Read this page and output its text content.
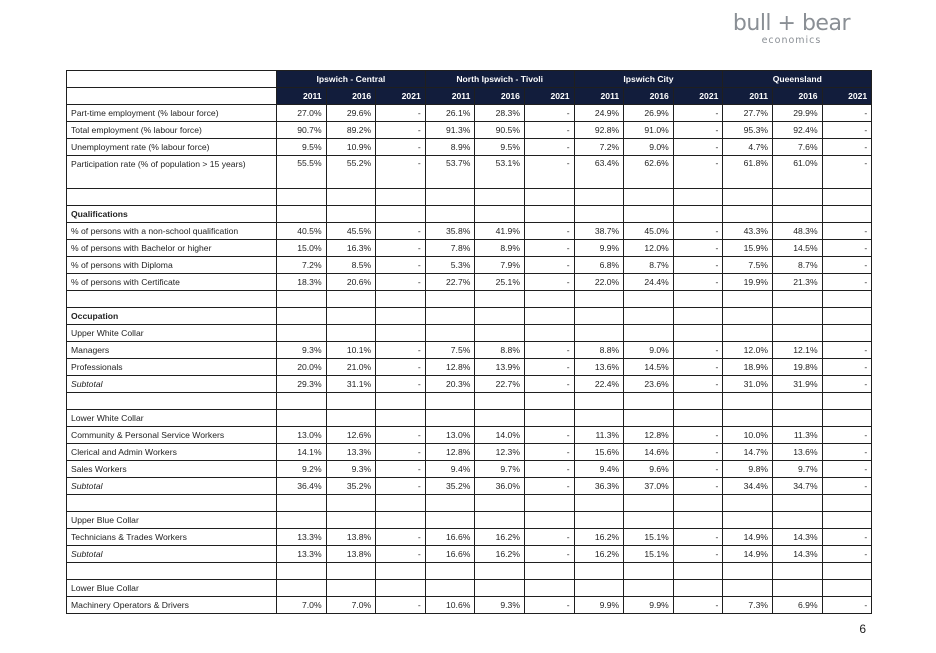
bull + bear
economics
	Ipswich - Central			North Ipswich - Tivoli			Ipswich City			Queensland		
	2011	2016	2021	2011	2016	2021	2011	2016	2021	2011	2016	2021
Part-time employment (% labour force)	27.0%	29.6%	-	26.1%	28.3%	-	24.9%	26.9%	-	27.7%	29.9%	-
Total employment (% labour force)	90.7%	89.2%	-	91.3%	90.5%	-	92.8%	91.0%	-	95.3%	92.4%	-
Unemployment rate (% labour force)	9.5%	10.9%	-	8.9%	9.5%	-	7.2%	9.0%	-	4.7%	7.6%	-
Participation rate (% of population > 15 years)	55.5%	55.2%	-	53.7%	53.1%	-	63.4%	62.6%	-	61.8%	61.0%	-

Qualifications												
% of persons with a non-school qualification	40.5%	45.5%	-	35.8%	41.9%	-	38.7%	45.0%	-	43.3%	48.3%	-
% of persons with Bachelor or higher	15.0%	16.3%	-	7.8%	8.9%	-	9.9%	12.0%	-	15.9%	14.5%	-
% of persons with Diploma	7.2%	8.5%	-	5.3%	7.9%	-	6.8%	8.7%	-	7.5%	8.7%	-
% of persons with Certificate	18.3%	20.6%	-	22.7%	25.1%	-	22.0%	24.4%	-	19.9%	21.3%	-

Occupation												
Upper White Collar												
Managers	9.3%	10.1%	-	7.5%	8.8%	-	8.8%	9.0%	-	12.0%	12.1%	-
Professionals	20.0%	21.0%	-	12.8%	13.9%	-	13.6%	14.5%	-	18.9%	19.8%	-
Subtotal	29.3%	31.1%	-	20.3%	22.7%	-	22.4%	23.6%	-	31.0%	31.9%	-

Lower White Collar												
Community & Personal Service Workers	13.0%	12.6%	-	13.0%	14.0%	-	11.3%	12.8%	-	10.0%	11.3%	-
Clerical and Admin Workers	14.1%	13.3%	-	12.8%	12.3%	-	15.6%	14.6%	-	14.7%	13.6%	-
Sales Workers	9.2%	9.3%	-	9.4%	9.7%	-	9.4%	9.6%	-	9.8%	9.7%	-
Subtotal	36.4%	35.2%	-	35.2%	36.0%	-	36.3%	37.0%	-	34.4%	34.7%	-

Upper Blue Collar												
Technicians & Trades Workers	13.3%	13.8%	-	16.6%	16.2%	-	16.2%	15.1%	-	14.9%	14.3%	-
Subtotal	13.3%	13.8%	-	16.6%	16.2%	-	16.2%	15.1%	-	14.9%	14.3%	-

Lower Blue Collar												
Machinery Operators & Drivers	7.0%	7.0%	-	10.6%	9.3%	-	9.9%	9.9%	-	7.3%	6.9%	-
6
